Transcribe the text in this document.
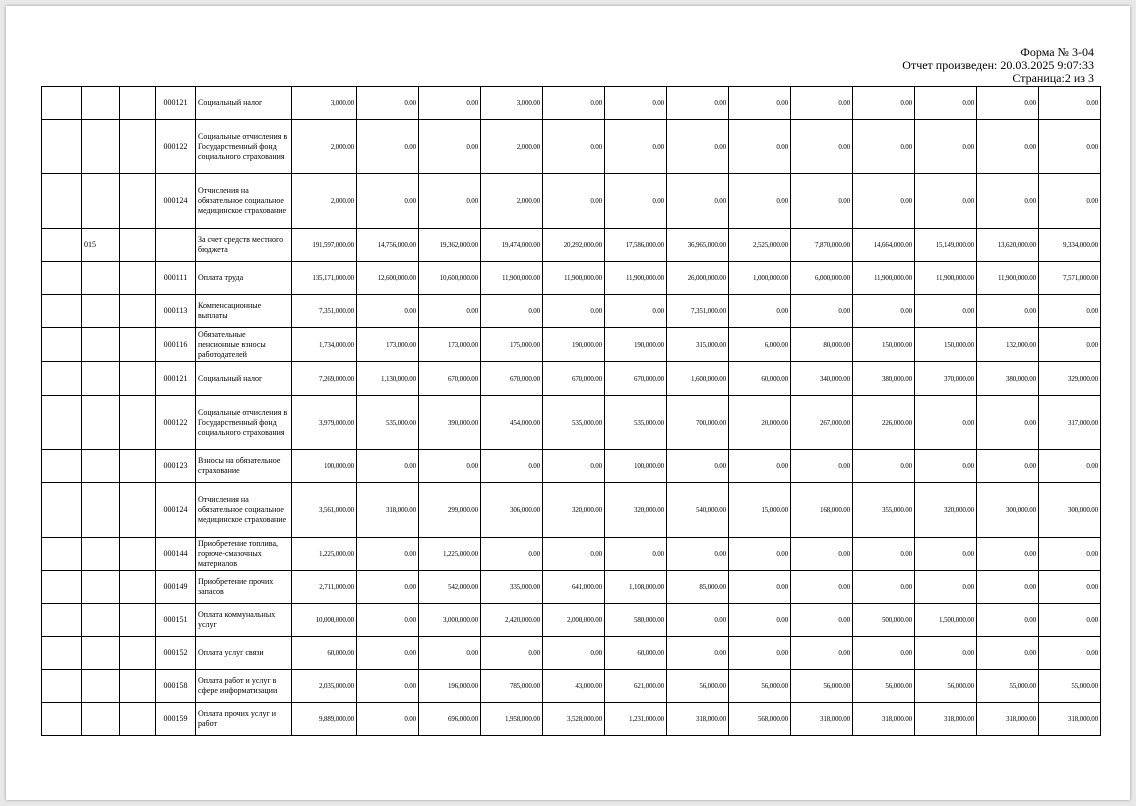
Форма № 3-04
Отчет произведен: 20.03.2025 9:07:33
Страница:2 из 3
			000121	Социальный налог	3,000.00	0.00	0.00	3,000.00	0.00	0.00	0.00	0.00	0.00	0.00	0.00	0.00	0.00
			000122	Социальные отчисления в Государственный фонд социального страхования	2,000.00	0.00	0.00	2,000.00	0.00	0.00	0.00	0.00	0.00	0.00	0.00	0.00	0.00
			000124	Отчисления на обязательное социальное медицинское страхование	2,000.00	0.00	0.00	2,000.00	0.00	0.00	0.00	0.00	0.00	0.00	0.00	0.00	0.00
	015			За счет средств местного бюджета	191,597,000.00	14,756,000.00	19,362,000.00	19,474,000.00	20,292,000.00	17,586,000.00	36,965,000.00	2,525,000.00	7,870,000.00	14,664,000.00	15,149,000.00	13,620,000.00	9,334,000.00
			000111	Оплата труда	135,171,000.00	12,600,000.00	10,600,000.00	11,900,000.00	11,900,000.00	11,900,000.00	26,000,000.00	1,000,000.00	6,000,000.00	11,900,000.00	11,900,000.00	11,900,000.00	7,571,000.00
			000113	Компенсационные выплаты	7,351,000.00	0.00	0.00	0.00	0.00	0.00	7,351,000.00	0.00	0.00	0.00	0.00	0.00	0.00
			000116	Обязательные пенсионные взносы работодателей	1,734,000.00	173,000.00	173,000.00	175,000.00	190,000.00	190,000.00	315,000.00	6,000.00	80,000.00	150,000.00	150,000.00	132,000.00	0.00
			000121	Социальный налог	7,269,000.00	1,130,000.00	670,000.00	670,000.00	670,000.00	670,000.00	1,600,000.00	60,000.00	340,000.00	380,000.00	370,000.00	380,000.00	329,000.00
			000122	Социальные отчисления в Государственный фонд социального страхования	3,979,000.00	535,000.00	390,000.00	454,000.00	535,000.00	535,000.00	700,000.00	20,000.00	267,000.00	226,000.00	0.00	0.00	317,000.00
			000123	Взносы на обязательное страхование	100,000.00	0.00	0.00	0.00	0.00	100,000.00	0.00	0.00	0.00	0.00	0.00	0.00	0.00
			000124	Отчисления на обязательное социальное медицинское страхование	3,561,000.00	318,000.00	299,000.00	306,000.00	320,000.00	320,000.00	540,000.00	15,000.00	168,000.00	355,000.00	320,000.00	300,000.00	300,000.00
			000144	Приобретение топлива, горюче-смазочных материалов	1,225,000.00	0.00	1,225,000.00	0.00	0.00	0.00	0.00	0.00	0.00	0.00	0.00	0.00	0.00
			000149	Приобретение прочих запасов	2,711,000.00	0.00	542,000.00	335,000.00	641,000.00	1,108,000.00	85,000.00	0.00	0.00	0.00	0.00	0.00	0.00
			000151	Оплата коммунальных услуг	10,000,000.00	0.00	3,000,000.00	2,420,000.00	2,000,000.00	580,000.00	0.00	0.00	0.00	500,000.00	1,500,000.00	0.00	0.00
			000152	Оплата услуг связи	60,000.00	0.00	0.00	0.00	0.00	60,000.00	0.00	0.00	0.00	0.00	0.00	0.00	0.00
			000158	Оплата работ и услуг в сфере информатизации	2,035,000.00	0.00	196,000.00	785,000.00	43,000.00	621,000.00	56,000.00	56,000.00	56,000.00	56,000.00	56,000.00	55,000.00	55,000.00
			000159	Оплата прочих услуг и работ	9,889,000.00	0.00	696,000.00	1,958,000.00	3,528,000.00	1,231,000.00	318,000.00	568,000.00	318,000.00	318,000.00	318,000.00	318,000.00	318,000.00
